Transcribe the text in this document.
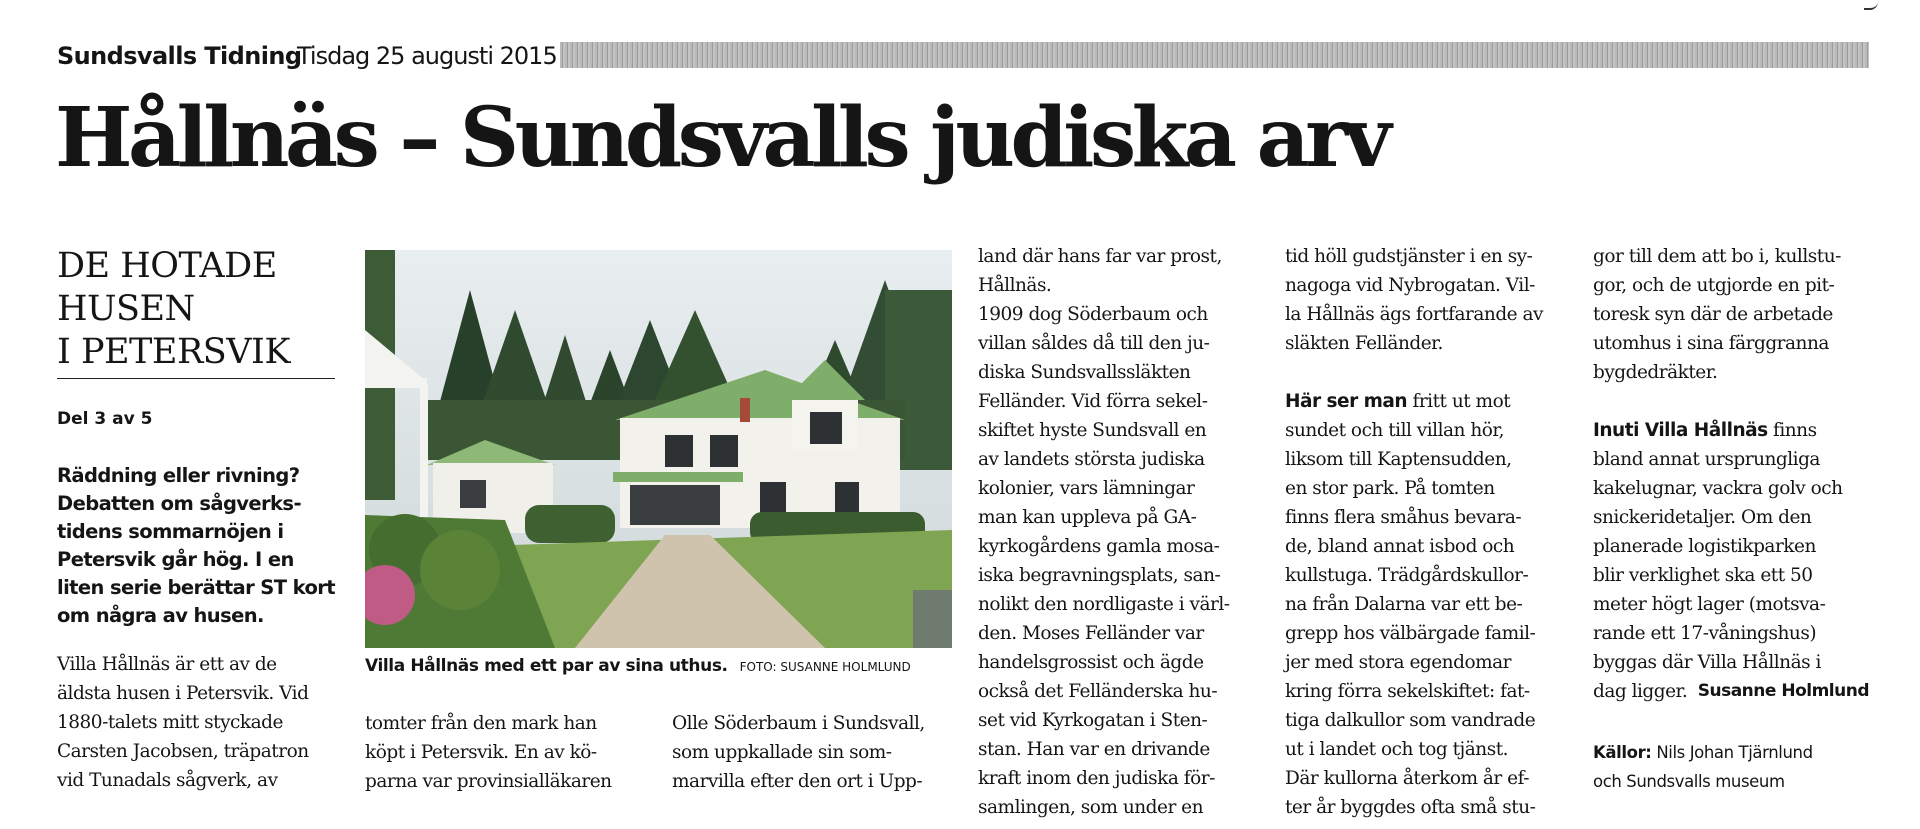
Sundsvalls Tidning
Tisdag 25 augusti 2015
Hållnäs – Sundsvalls judiska arv
DE HOTADE
HUSEN
I PETERSVIK
Del 3 av 5

Räddning eller rivning? Debatten om sågverkstidens sommarnöjen i Petersvik går hög. I en liten serie berättar ST kort om några av husen.

Villa Hållnäs med ett par av sina uthus. FOTO: SUSANNE HOLMLUND
Villa Hållnäs är ett av de
äldsta husen i Petersvik. Vid
1880-talets mitt styckade
Carsten Jacobsen, träpatron
vid Tunadals sågverk, av
tomter från den mark han
köpt i Petersvik. En av kö-
parna var provinsialläkaren
Olle Söderbaum i Sundsvall,
som uppkallade sin som-
marvilla efter den ort i Upp-
land där hans far var prost,
Hållnäs.
1909 dog Söderbaum och
villan såldes då till den ju-
diska Sundsvallssläkten
Felländer. Vid förra sekel-
skiftet hyste Sundsvall en
av landets största judiska
kolonier, vars lämningar
man kan uppleva på GA-
kyrkogårdens gamla mosa-
iska begravningsplats, san-
nolikt den nordligaste i värl-
den. Moses Felländer var
handelsgrossist och ägde
också det Felländerska hu-
set vid Kyrkogatan i Sten-
stan. Han var en drivande
kraft inom den judiska för-
samlingen, som under en
tid höll gudstjänster i en sy-
nagoga vid Nybrogatan. Vil-
la Hållnäs ägs fortfarande av
släkten Felländer.
Här ser man fritt ut mot
sundet och till villan hör,
liksom till Kaptensudden,
en stor park. På tomten
finns flera småhus bevara-
de, bland annat isbod och
kullstuga. Trädgårdskullor-
na från Dalarna var ett be-
grepp hos välbärgade famil-
jer med stora egendomar
kring förra sekelskiftet: fat-
tiga dalkullor som vandrade
ut i landet och tog tjänst.
Där kullorna återkom år ef-
ter år byggdes ofta små stu-
gor till dem att bo i, kullstu-
gor, och de utgjorde en pit-
toresk syn där de arbetade
utomhus i sina färggranna
bygdedräkter.
Inuti Villa Hållnäs finns
bland annat ursprungliga
kakelugnar, vackra golv och
snickeridetaljer. Om den
planerade logistikparken
blir verklighet ska ett 50
meter högt lager (motsva-
rande ett 17-våningshus)
byggas där Villa Hållnäs i
dag ligger. Susanne Holmlund
Källor: Nils Johan Tjärnlund
och Sundsvalls museum
